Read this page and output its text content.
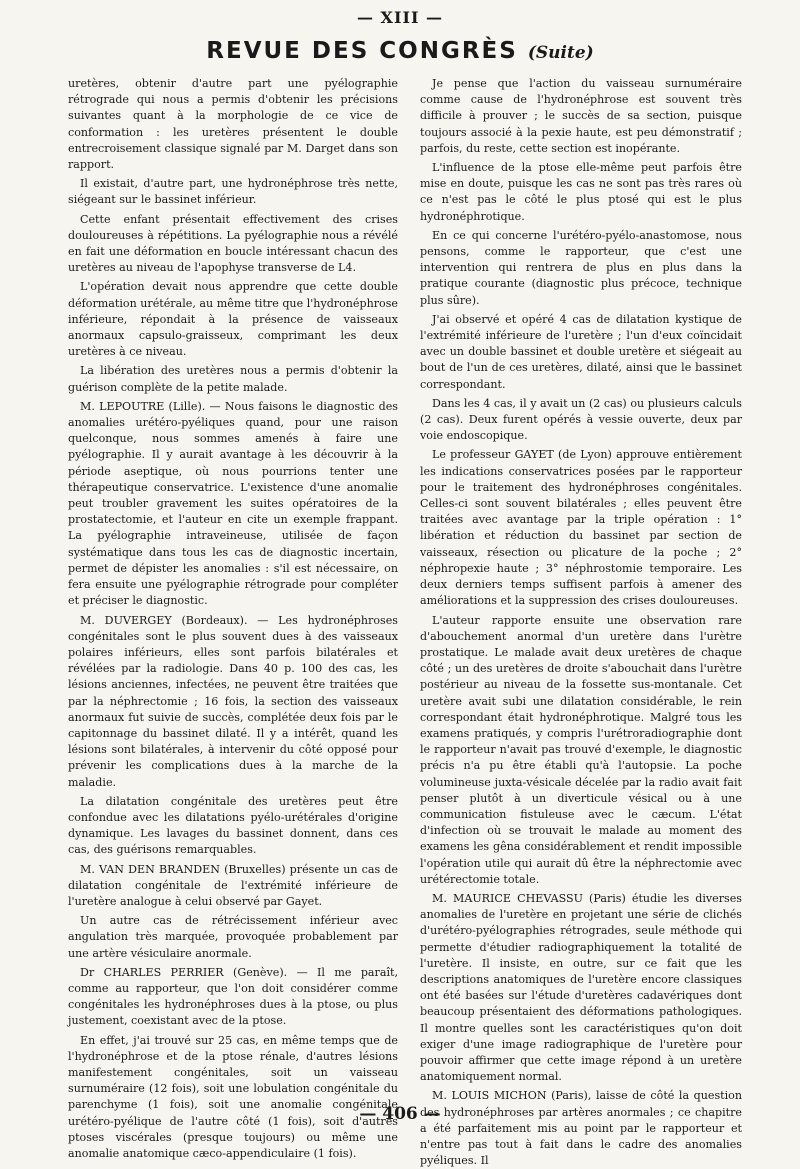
— XIII —
REVUE DES CONGRÈS (Suite)

uretères, obtenir d'autre part une pyélographie rétrograde qui nous a permis d'obtenir les précisions suivantes quant à la morphologie de ce vice de conformation : les uretères présentent le double entrecroisement classique signalé par M. Darget dans son rapport.

Il existait, d'autre part, une hydronéphrose très nette, siégeant sur le bassinet inférieur.

Cette enfant présentait effectivement des crises douloureuses à répétitions. La pyélographie nous a révélé en fait une déformation en boucle intéressant chacun des uretères au niveau de l'apophyse transverse de L4.

L'opération devait nous apprendre que cette double déformation urétérale, au même titre que l'hydronéphrose inférieure, répondait à la présence de vaisseaux anormaux capsulo-graisseux, comprimant les deux uretères à ce niveau.

La libération des uretères nous a permis d'obtenir la guérison complète de la petite malade.

M. LEPOUTRE (Lille). — Nous faisons le diagnostic des anomalies urétéro-pyéliques quand, pour une raison quelconque, nous sommes amenés à faire une pyélographie. Il y aurait avantage à les découvrir à la période aseptique, où nous pourrions tenter une thérapeutique conservatrice. L'existence d'une anomalie peut troubler gravement les suites opératoires de la prostatectomie, et l'auteur en cite un exemple frappant. La pyélographie intraveineuse, utilisée de façon systématique dans tous les cas de diagnostic incertain, permet de dépister les anomalies : s'il est nécessaire, on fera ensuite une pyélographie rétrograde pour compléter et préciser le diagnostic.

M. DUVERGEY (Bordeaux). — Les hydronéphroses congénitales sont le plus souvent dues à des vaisseaux polaires inférieurs, elles sont parfois bilatérales et révélées par la radiologie. Dans 40 p. 100 des cas, les lésions anciennes, infectées, ne peuvent être traitées que par la néphrectomie ; 16 fois, la section des vaisseaux anormaux fut suivie de succès, complétée deux fois par le capitonnage du bassinet dilaté. Il y a intérêt, quand les lésions sont bilatérales, à intervenir du côté opposé pour prévenir les complications dues à la marche de la maladie.

La dilatation congénitale des uretères peut être confondue avec les dilatations pyélo-urétérales d'origine dynamique. Les lavages du bassinet donnent, dans ces cas, des guérisons remarquables.

M. VAN DEN BRANDEN (Bruxelles) présente un cas de dilatation congénitale de l'extrémité inférieure de l'uretère analogue à celui observé par Gayet.

Un autre cas de rétrécissement inférieur avec angulation très marquée, provoquée probablement par une artère vésiculaire anormale.

Dr CHARLES PERRIER (Genève). — Il me paraît, comme au rapporteur, que l'on doit considérer comme congénitales les hydronéphroses dues à la ptose, ou plus justement, coexistant avec de la ptose.

En effet, j'ai trouvé sur 25 cas, en même temps que de l'hydronéphrose et de la ptose rénale, d'autres lésions manifestement congénitales, soit un vaisseau surnuméraire (12 fois), soit une lobulation congénitale du parenchyme (1 fois), soit une anomalie congénitale urétéro-pyélique de l'autre côté (1 fois), soit d'autres ptoses viscérales (presque toujours) ou même une anomalie anatomique cæco-appendiculaire (1 fois).

Je pense que l'action du vaisseau surnuméraire comme cause de l'hydronéphrose est souvent très difficile à prouver ; le succès de sa section, puisque toujours associé à la pexie haute, est peu démonstratif ; parfois, du reste, cette section est inopérante.

L'influence de la ptose elle-même peut parfois être mise en doute, puisque les cas ne sont pas très rares où ce n'est pas le côté le plus ptosé qui est le plus hydronéphrotique.

En ce qui concerne l'urétéro-pyélo-anastomose, nous pensons, comme le rapporteur, que c'est une intervention qui rentrera de plus en plus dans la pratique courante (diagnostic plus précoce, technique plus sûre).

J'ai observé et opéré 4 cas de dilatation kystique de l'extrémité inférieure de l'uretère ; l'un d'eux coïncidait avec un double bassinet et double uretère et siégeait au bout de l'un de ces uretères, dilaté, ainsi que le bassinet correspondant.

Dans les 4 cas, il y avait un (2 cas) ou plusieurs calculs (2 cas). Deux furent opérés à vessie ouverte, deux par voie endoscopique.

Le professeur GAYET (de Lyon) approuve entièrement les indications conservatrices posées par le rapporteur pour le traitement des hydronéphroses congénitales. Celles-ci sont souvent bilatérales ; elles peuvent être traitées avec avantage par la triple opération : 1° libération et réduction du bassinet par section de vaisseaux, résection ou plicature de la poche ; 2° néphropexie haute ; 3° néphrostomie temporaire. Les deux derniers temps suffisent parfois à amener des améliorations et la suppression des crises douloureuses.

L'auteur rapporte ensuite une observation rare d'abouchement anormal d'un uretère dans l'urètre prostatique. Le malade avait deux uretères de chaque côté ; un des uretères de droite s'abouchait dans l'urètre postérieur au niveau de la fossette sus-montanale. Cet uretère avait subi une dilatation considérable, le rein correspondant était hydronéphrotique. Malgré tous les examens pratiqués, y compris l'urétroradiographie dont le rapporteur n'avait pas trouvé d'exemple, le diagnostic précis n'a pu être établi qu'à l'autopsie. La poche volumineuse juxta-vésicale décelée par la radio avait fait penser plutôt à un diverticule vésical ou à une communication fistuleuse avec le cæcum. L'état d'infection où se trouvait le malade au moment des examens les gêna considérablement et rendit impossible l'opération utile qui aurait dû être la néphrectomie avec urétérectomie totale.

M. MAURICE CHEVASSU (Paris) étudie les diverses anomalies de l'uretère en projetant une série de clichés d'urétéro-pyélographies rétrogrades, seule méthode qui permette d'étudier radiographiquement la totalité de l'uretère. Il insiste, en outre, sur ce fait que les descriptions anatomiques de l'uretère encore classiques ont été basées sur l'étude d'uretères cadavériques dont beaucoup présentaient des déformations pathologiques. Il montre quelles sont les caractéristiques qu'on doit exiger d'une image radiographique de l'uretère pour pouvoir affirmer que cette image répond à un uretère anatomiquement normal.

M. LOUIS MICHON (Paris), laisse de côté la question des hydronéphroses par artères anormales ; ce chapitre a été parfaitement mis au point par le rapporteur et n'entre pas tout à fait dans le cadre des anomalies pyéliques. Il

— 406 —
